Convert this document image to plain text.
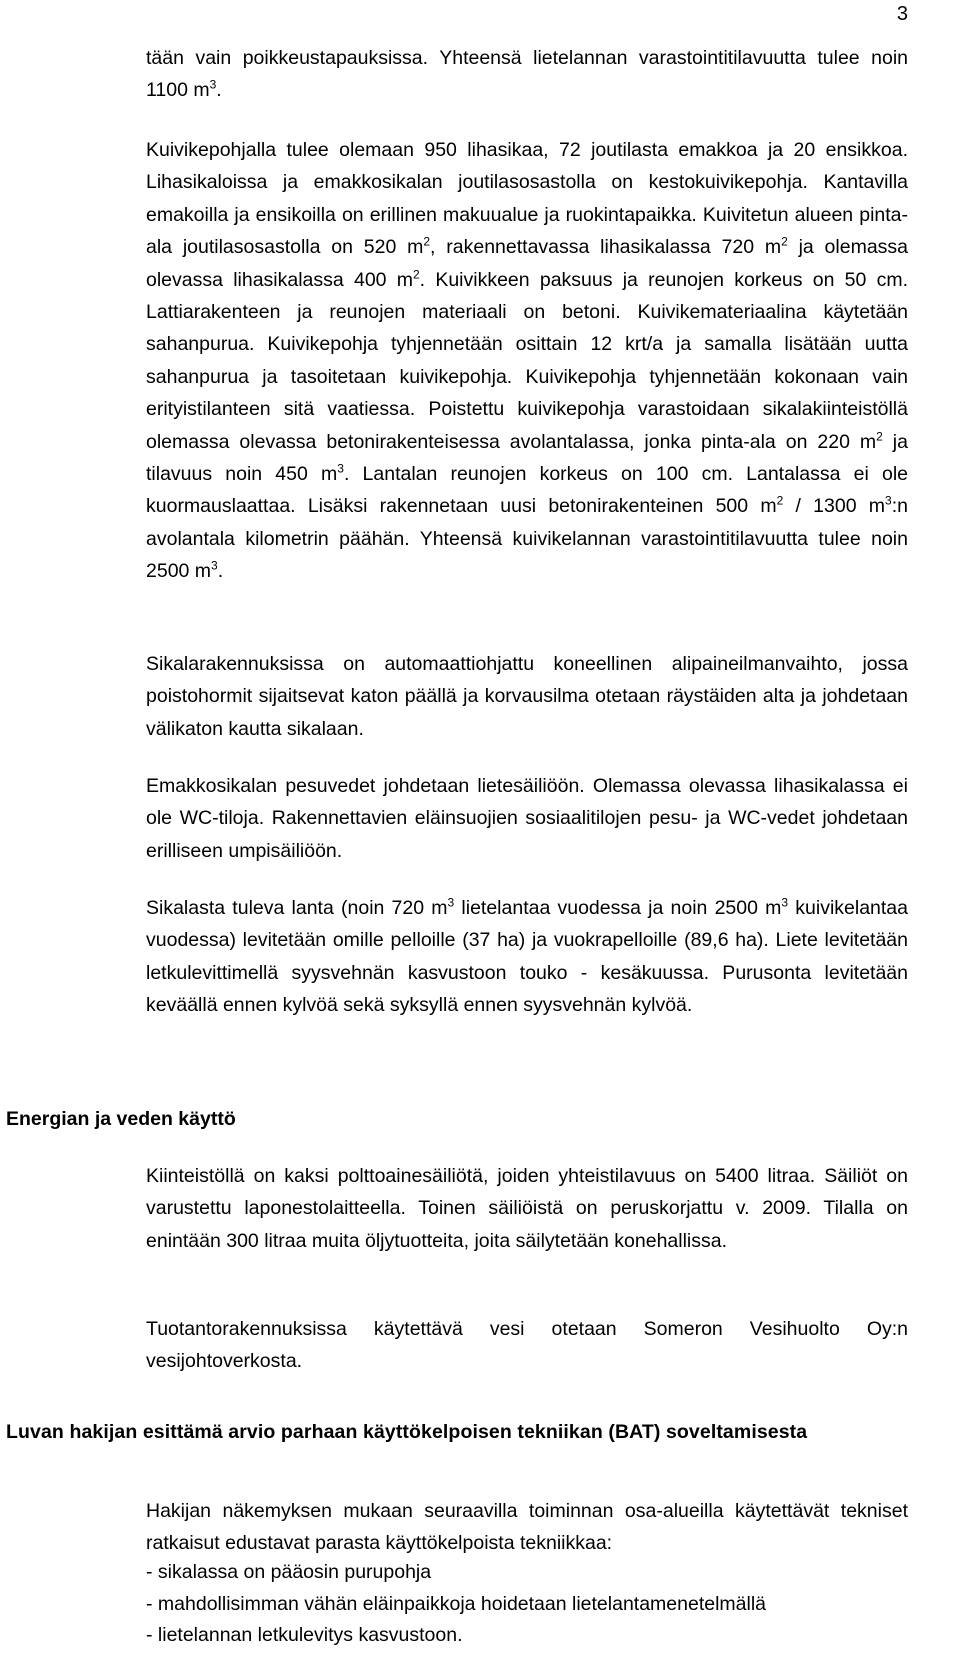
3

tään vain poikkeustapauksissa. Yhteensä lietelannan varastointitilavuutta tulee noin 1100 $m^3$.

Kuivikepohjalla tulee olemaan 950 lihasikaa, 72 joutilasta emakkoa ja 20 ensikkoa. Lihasikaloissa ja emakkosikalan joutilasosastolla on kestokuivikepohja. Kantavilla emakoilla ja ensikoilla on erillinen makuualue ja ruokintapaikka. Kuivitetun alueen pinta-ala joutilasosastolla on 520 $m^2$, rakennettavassa lihasikalassa 720 $m^2$ ja olemassa olevassa lihasikalassa 400 $m^2$. Kuivikkeen paksuus ja reunojen korkeus on 50 cm. Lattiarakenteen ja reunojen materiaali on betoni. Kuivikemateriaalina käytetään sahanpurua. Kuivikepohja tyhjennetään osittain 12 krt/a ja samalla lisätään uutta sahanpurua ja tasoitetaan kuivikepohja. Kuivikepohja tyhjennetään kokonaan vain erityistilanteen sitä vaatiessa. Poistettu kuivikepohja varastoidaan sikalakiinteistöllä olemassa olevassa betonirakenteisessa avolantalassa, jonka pinta-ala on 220 $m^2$ ja tilavuus noin 450 $m^3$. Lantalan reunojen korkeus on 100 cm. Lantalassa ei ole kuormauslaattaa. Lisäksi rakennetaan uusi betonirakenteinen 500 $m^2 / 1300$ $m^3:n$ avolantala kilometrin päähän. Yhteensä kuivikelannan varastointitilavuutta tulee noin 2500 $m^3$.

Sikalarakennuksissa on automaattiohjattu koneellinen alipaineilmanvaihto, jossa poistohormit sijaitsevat katon päällä ja korvausilma otetaan räystäiden alta ja johdetaan välikaton kautta sikalaan.

Emakkosikalan pesuvedet johdetaan lietesäiliöön. Olemassa olevassa lihasikalassa ei ole WC-tiloja. Rakennettavien eläinsuojien sosiaalitilojen pesu- ja WC-vedet johdetaan erilliseen umpisäiliöön.

Sikalasta tuleva lanta (noin 720 $m^3$ lietelantaa vuodessa ja noin 2500 $m^3$ kuivikelantaa vuodessa) levitetään omille pelloille (37 ha) ja vuokrapelloille (89,6 ha). Liete levitetään letkulevittimellä syysvehnän kasvustoon touko - kesäkuussa. Purusonta levitetään keväällä ennen kylvöä sekä syksyllä ennen syysvehnän kylvöä.

Energian ja veden käyttö

Kiinteistöllä on kaksi polttoainesäiliötä, joiden yhteistilavuus on 5400 litraa. Säiliöt on varustettu laponestolaitteella. Toinen säiliöistä on peruskorjattu v. 2009. Tilalla on enintään 300 litraa muita öljytuotteita, joita säilytetään konehallissa.

Tuotantorakennuksissa käytettävä vesi otetaan Someron Vesihuolto Oy:n vesijohtoverkosta.

Luvan hakijan esittämä arvio parhaan käyttökelpoisen tekniikan (BAT) soveltamisesta

Hakijan näkemyksen mukaan seuraavilla toiminnan osa-alueilla käytettävät tekniset ratkaisut edustavat parasta käyttökelpoista tekniikkaa:

- sikalassa on pääosin purupohja
- mahdollisimman vähän eläinpaikkoja hoidetaan lietelantamenetelmällä
- lietelannan letkulevitys kasvustoon.
